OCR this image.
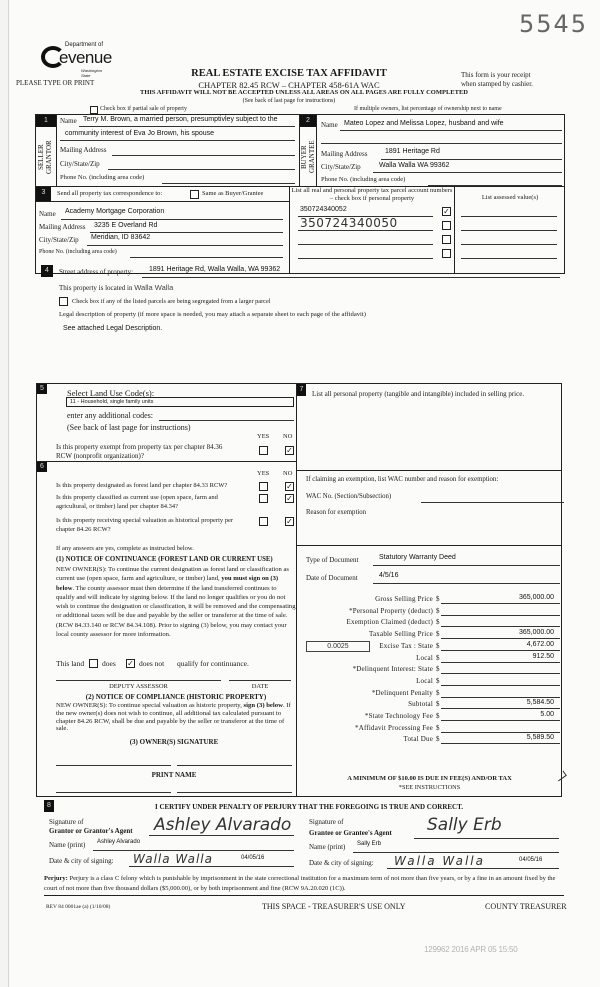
5545
Department of
evenue
Washington State
PLEASE TYPE OR PRINT
REAL ESTATE EXCISE TAX AFFIDAVIT
CHAPTER 82.45 RCW – CHAPTER 458-61A WAC
This form is your receipt
when stamped by cashier.
THIS AFFIDAVIT WILL NOT BE ACCEPTED UNLESS ALL AREAS ON ALL PAGES ARE FULLY COMPLETED
(See back of last page for instructions)
Check box if partial sale of property	If multiple owners, list percentage of ownership next to name
1
SELLER GRANTOR
Name Terry M. Brown, a married person, presumptivley subject to the
community interest of Eva Jo Brown, his spouse
Mailing Address
City/State/Zip
Phone No. (including area code)
2
BUYER GRANTEE
Name Mateo Lopez and Melissa Lopez, husband and wife
Mailing Address	1891 Heritage Rd
City/State/Zip	Walla Walla WA 99362
Phone No. (including area code)
3	Send all property tax correspondence to:	Same as Buyer/Grantee
Name Academy Mortgage Corporation
Mailing Address 3235 E Overland Rd
City/State/Zip Meridian, ID 83642
Phone No. (including area code)
List all real and personal property tax parcel account numbers – check box if personal property	List assessed value(s)
350724340052	✓
350724340050
4	Street address of property: 1891 Heritage Rd, Walla Walla, WA 99362
This property is located in Walla Walla
Check box if any of the listed parcels are being segregated from a larger parcel
Legal description of property (if more space is needed, you may attach a separate sheet to each page of the affidavit)
See attached Legal Description.
5	Select Land Use Code(s):
11 - Household, single family units
enter any additional codes:
(See back of last page for instructions)
YES NO
Is this property exempt from property tax per chapter 84.36 RCW (nonprofit organization)?
✓
6
YES NO
Is this property designated as forest land per chapter 84.33 RCW?	✓
Is this property classified as current use (open space, farm and agricultural, or timber) land per chapter 84.34?
✓
Is this property receiving special valuation as historical property per chapter 84.26 RCW?
✓
If any answers are yes, complete as instructed below.
(1) NOTICE OF CONTINUANCE (FOREST LAND OR CURRENT USE)
NEW OWNER(S): To continue the current designation as forest land or classification as current use (open space, farm and agriculture, or timber) land, you must sign on (3) below. The county assessor must then determine if the land transferred continues to qualify and will indicate by signing below. If the land no longer qualifies or you do not wish to continue the designation or classification, it will be removed and the compensating or additional taxes will be due and payable by the seller or transferor at the time of sale. (RCW 84.33.140 or RCW 84.34.108). Prior to signing (3) below, you may contact your local county assessor for more information.
This land does ✓ does not qualify for continuance.
DEPUTY ASSESSOR	DATE
(2) NOTICE OF COMPLIANCE (HISTORIC PROPERTY)
NEW OWNER(S): To continue special valuation as historic property, sign (3) below. If the new owner(s) does not wish to continue, all additional tax calculated pursuant to chapter 84.26 RCW, shall be due and payable by the seller or transferor at the time of sale.
(3) OWNER(S) SIGNATURE
PRINT NAME
7
List all personal property (tangible and intangible) included in selling price.
If claiming an exemption, list WAC number and reason for exemption:
WAC No. (Section/Subsection)
Reason for exemption
Type of Document	Statutory Warranty Deed
Date of Document	4/5/16
0.0025
Gross Selling Price $	365,000.00
*Personal Property (deduct) $
Exemption Claimed (deduct) $
Taxable Selling Price $	365,000.00
Excise Tax : State $	4,672.00
Local $	912.50
*Delinquent Interest: State $
Local $
*Delinquent Penalty $
Subtotal $	5,584.50
*State Technology Fee $	5.00
*Affidavit Processing Fee $
Total Due $	5,589.50
A MINIMUM OF $10.00 IS DUE IN FEE(S) AND/OR TAX
*SEE INSTRUCTIONS
8	I CERTIFY UNDER PENALTY OF PERJURY THAT THE FOREGOING IS TRUE AND CORRECT.
Signature of
Grantor or Grantor's Agent Ashley Alvarado
Name (print) Ashley Alvarado
Date & city of signing: Walla Walla	04/05/16
Signature of
Grantee or Grantee's Agent Sally Erb
Name (print) Sally Erb
Date & city of signing: Walla Walla	04/05/16
Perjury: Perjury is a class C felony which is punishable by imprisonment in the state correctional institution for a maximum term of not more than five years, or by a fine in an amount fixed by the court of not more than five thousand dollars ($5,000.00), or by both imprisonment and fine (RCW 9A.20.020 (1C)).
REV 84 0001ae (a) (1/10/08)	THIS SPACE - TREASURER'S USE ONLY	COUNTY TREASURER
129962 2016 APR 05 15:50
